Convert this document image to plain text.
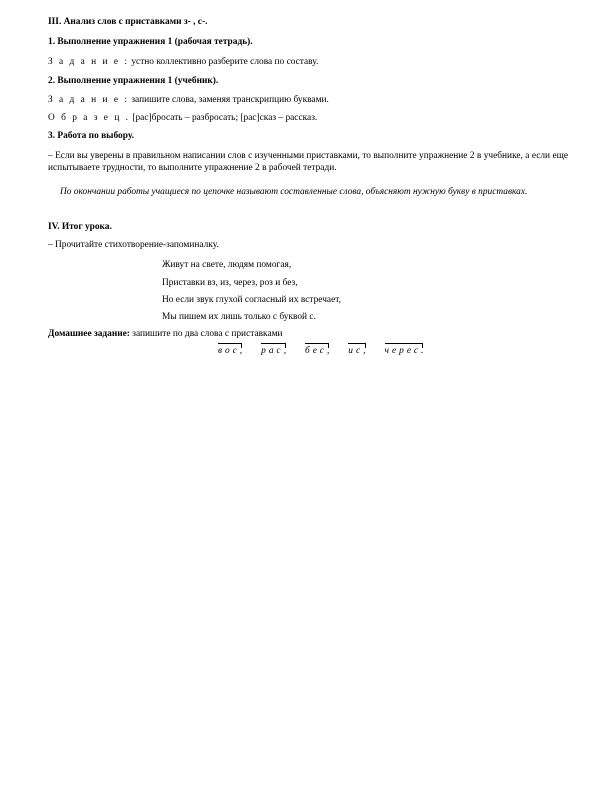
III. Анализ слов с приставками з- , с-.
1. Выполнение упражнения 1 (рабочая тетрадь).
З а д а н и е : устно коллективно разберите слова по составу.
2. Выполнение упражнения 1 (учебник).
З а д а н и е : запишите слова, заменяя транскрипцию буквами.
О б р а з е ц . [рас]бросать – разбросать; [рас]сказ – рассказ.
3. Работа по выбору.
– Если вы уверены в правильном написании слов с изученными приставками, то выполните упражнение 2 в учебнике, а если еще испытываете трудности, то выполните упражнение 2 в рабочей тетради.
По окончании работы учащиеся по цепочке называют составленные слова, объясняют нужную букву в приставках.
IV. Итог урока.
– Прочитайте стихотворение-запоминалку.
Живут на свете, людям помогая,
Приставки вз, из, через, роз и без,
Но если звук глухой согласный их встречает,
Мы пишем их лишь только с буквой с.
Домашнее задание: запишите по два слова с приставками
вос, рас, бес, ис, черес.
